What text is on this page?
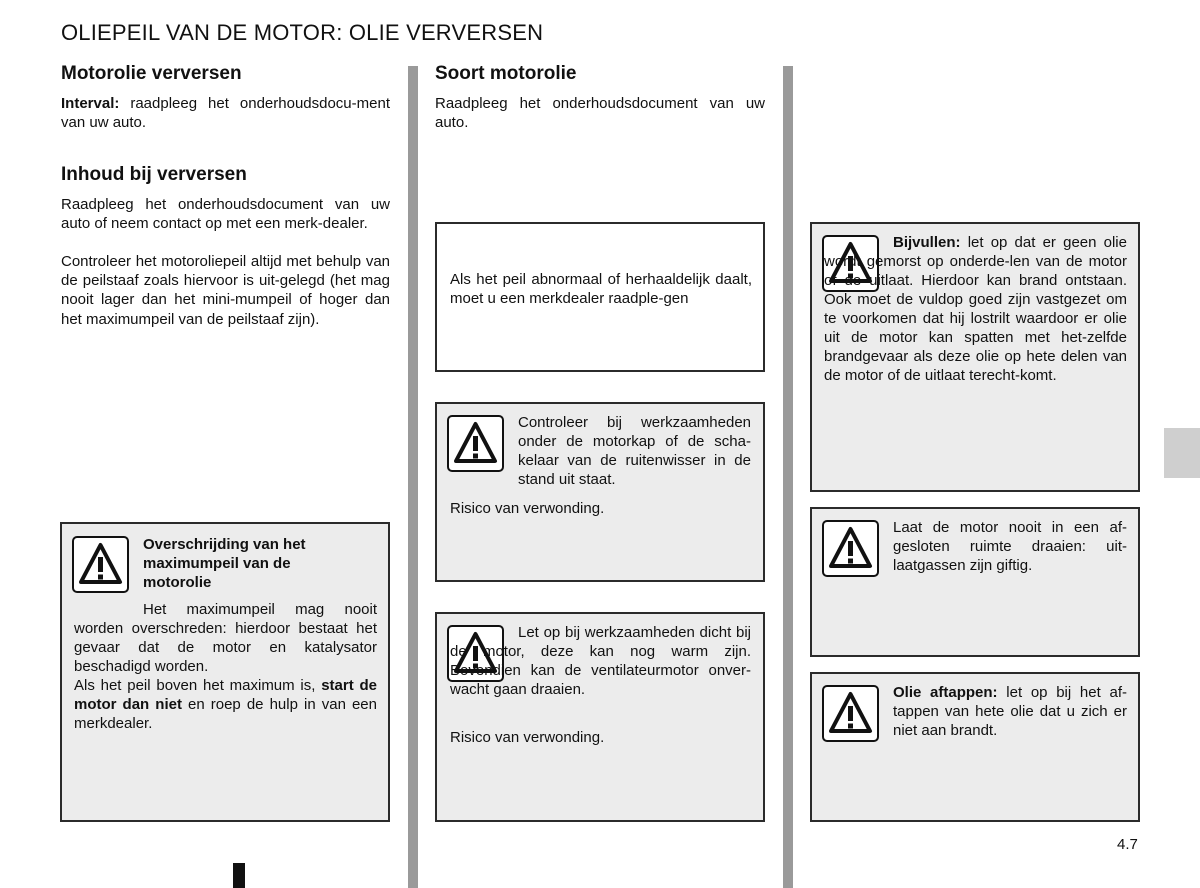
OLIEPEIL VAN DE MOTOR: OLIE VERVERSEN
Motorolie verversen
Interval: raadpleeg het onderhoudsdocu-ment van uw auto.
Inhoud bij verversen
Raadpleeg het onderhoudsdocument van uw auto of neem contact op met een merk-dealer.
Controleer het motoroliepeil altijd met behulp van de peilstaaf zoals hiervoor is uit-gelegd (het mag nooit lager dan het mini-mumpeil of hoger dan het maximumpeil van de peilstaaf zijn).
Overschrijding van het maximumpeil van de motorolie
Het maximumpeil mag nooit worden overschreden: hierdoor bestaat het gevaar dat de motor en katalysator beschadigd worden.
Als het peil boven het maximum is, start de motor dan niet en roep de hulp in van een merkdealer.
Soort motorolie
Raadpleeg het onderhoudsdocument van uw auto.
Als het peil abnormaal of herhaaldelijk daalt, moet u een merkdealer raadple-gen
Controleer bij werkzaamheden onder de motorkap of de scha-kelaar van de ruitenwisser in de stand uit staat.
Risico van verwonding.
Let op bij werkzaamheden dicht bij de motor, deze kan nog warm zijn. Bovendien kan de ventilateurmotor onver-wacht gaan draaien.
Risico van verwonding.
Bijvullen: let op dat er geen olie wordt gemorst op onderde-len van de motor of de uitlaat. Hierdoor kan brand ontstaan. Ook moet de vuldop goed zijn vastgezet om te voorkomen dat hij lostrilt waardoor er olie uit de motor kan spatten met het-zelfde brandgevaar als deze olie op hete delen van de motor of de uitlaat terecht-komt.
Laat de motor nooit in een af-gesloten ruimte draaien: uit-laatgassen zijn giftig.
Olie aftappen: let op bij het af-tappen van hete olie dat u zich er niet aan brandt.
4.7
